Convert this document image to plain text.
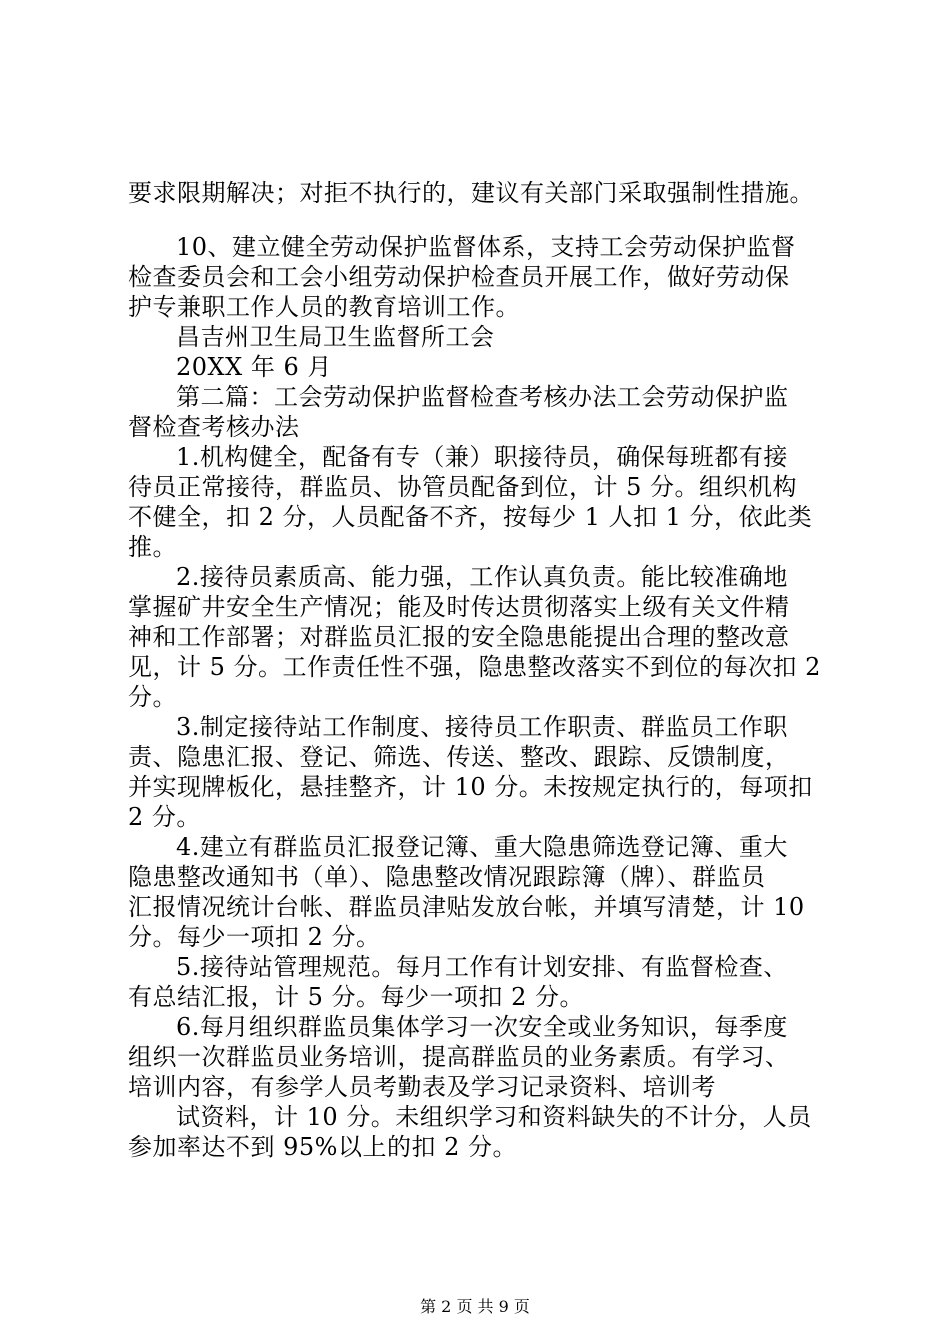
要求限期解决；对拒不执行的，建议有关部门采取强制性措施。
10、建立健全劳动保护监督体系，支持工会劳动保护监督
检查委员会和工会小组劳动保护检查员开展工作，做好劳动保
护专兼职工作人员的教育培训工作。
昌吉州卫生局卫生监督所工会
20XX 年 6 月
第二篇：工会劳动保护监督检查考核办法工会劳动保护监
督检查考核办法
1.机构健全，配备有专（兼）职接待员，确保每班都有接
待员正常接待，群监员、协管员配备到位，计 5 分。组织机构
不健全，扣 2 分，人员配备不齐，按每少 1 人扣 1 分，依此类
推。
2.接待员素质高、能力强，工作认真负责。能比较准确地
掌握矿井安全生产情况；能及时传达贯彻落实上级有关文件精
神和工作部署；对群监员汇报的安全隐患能提出合理的整改意
见，计 5 分。工作责任性不强，隐患整改落实不到位的每次扣 2
分。
3.制定接待站工作制度、接待员工作职责、群监员工作职
责、隐患汇报、登记、筛选、传送、整改、跟踪、反馈制度，
并实现牌板化，悬挂整齐，计 10 分。未按规定执行的，每项扣
2 分。
4.建立有群监员汇报登记簿、重大隐患筛选登记簿、重大
隐患整改通知书（单）、隐患整改情况跟踪簿（牌）、群监员
汇报情况统计台帐、群监员津贴发放台帐，并填写清楚，计 10
分。每少一项扣 2 分。
5.接待站管理规范。每月工作有计划安排、有监督检查、
有总结汇报，计 5 分。每少一项扣 2 分。
6.每月组织群监员集体学习一次安全或业务知识，每季度
组织一次群监员业务培训，提高群监员的业务素质。有学习、
培训内容，有参学人员考勤表及学习记录资料、培训考
试资料，计 10 分。未组织学习和资料缺失的不计分，人员
参加率达不到 95%以上的扣 2 分。
第 2 页 共 9 页
